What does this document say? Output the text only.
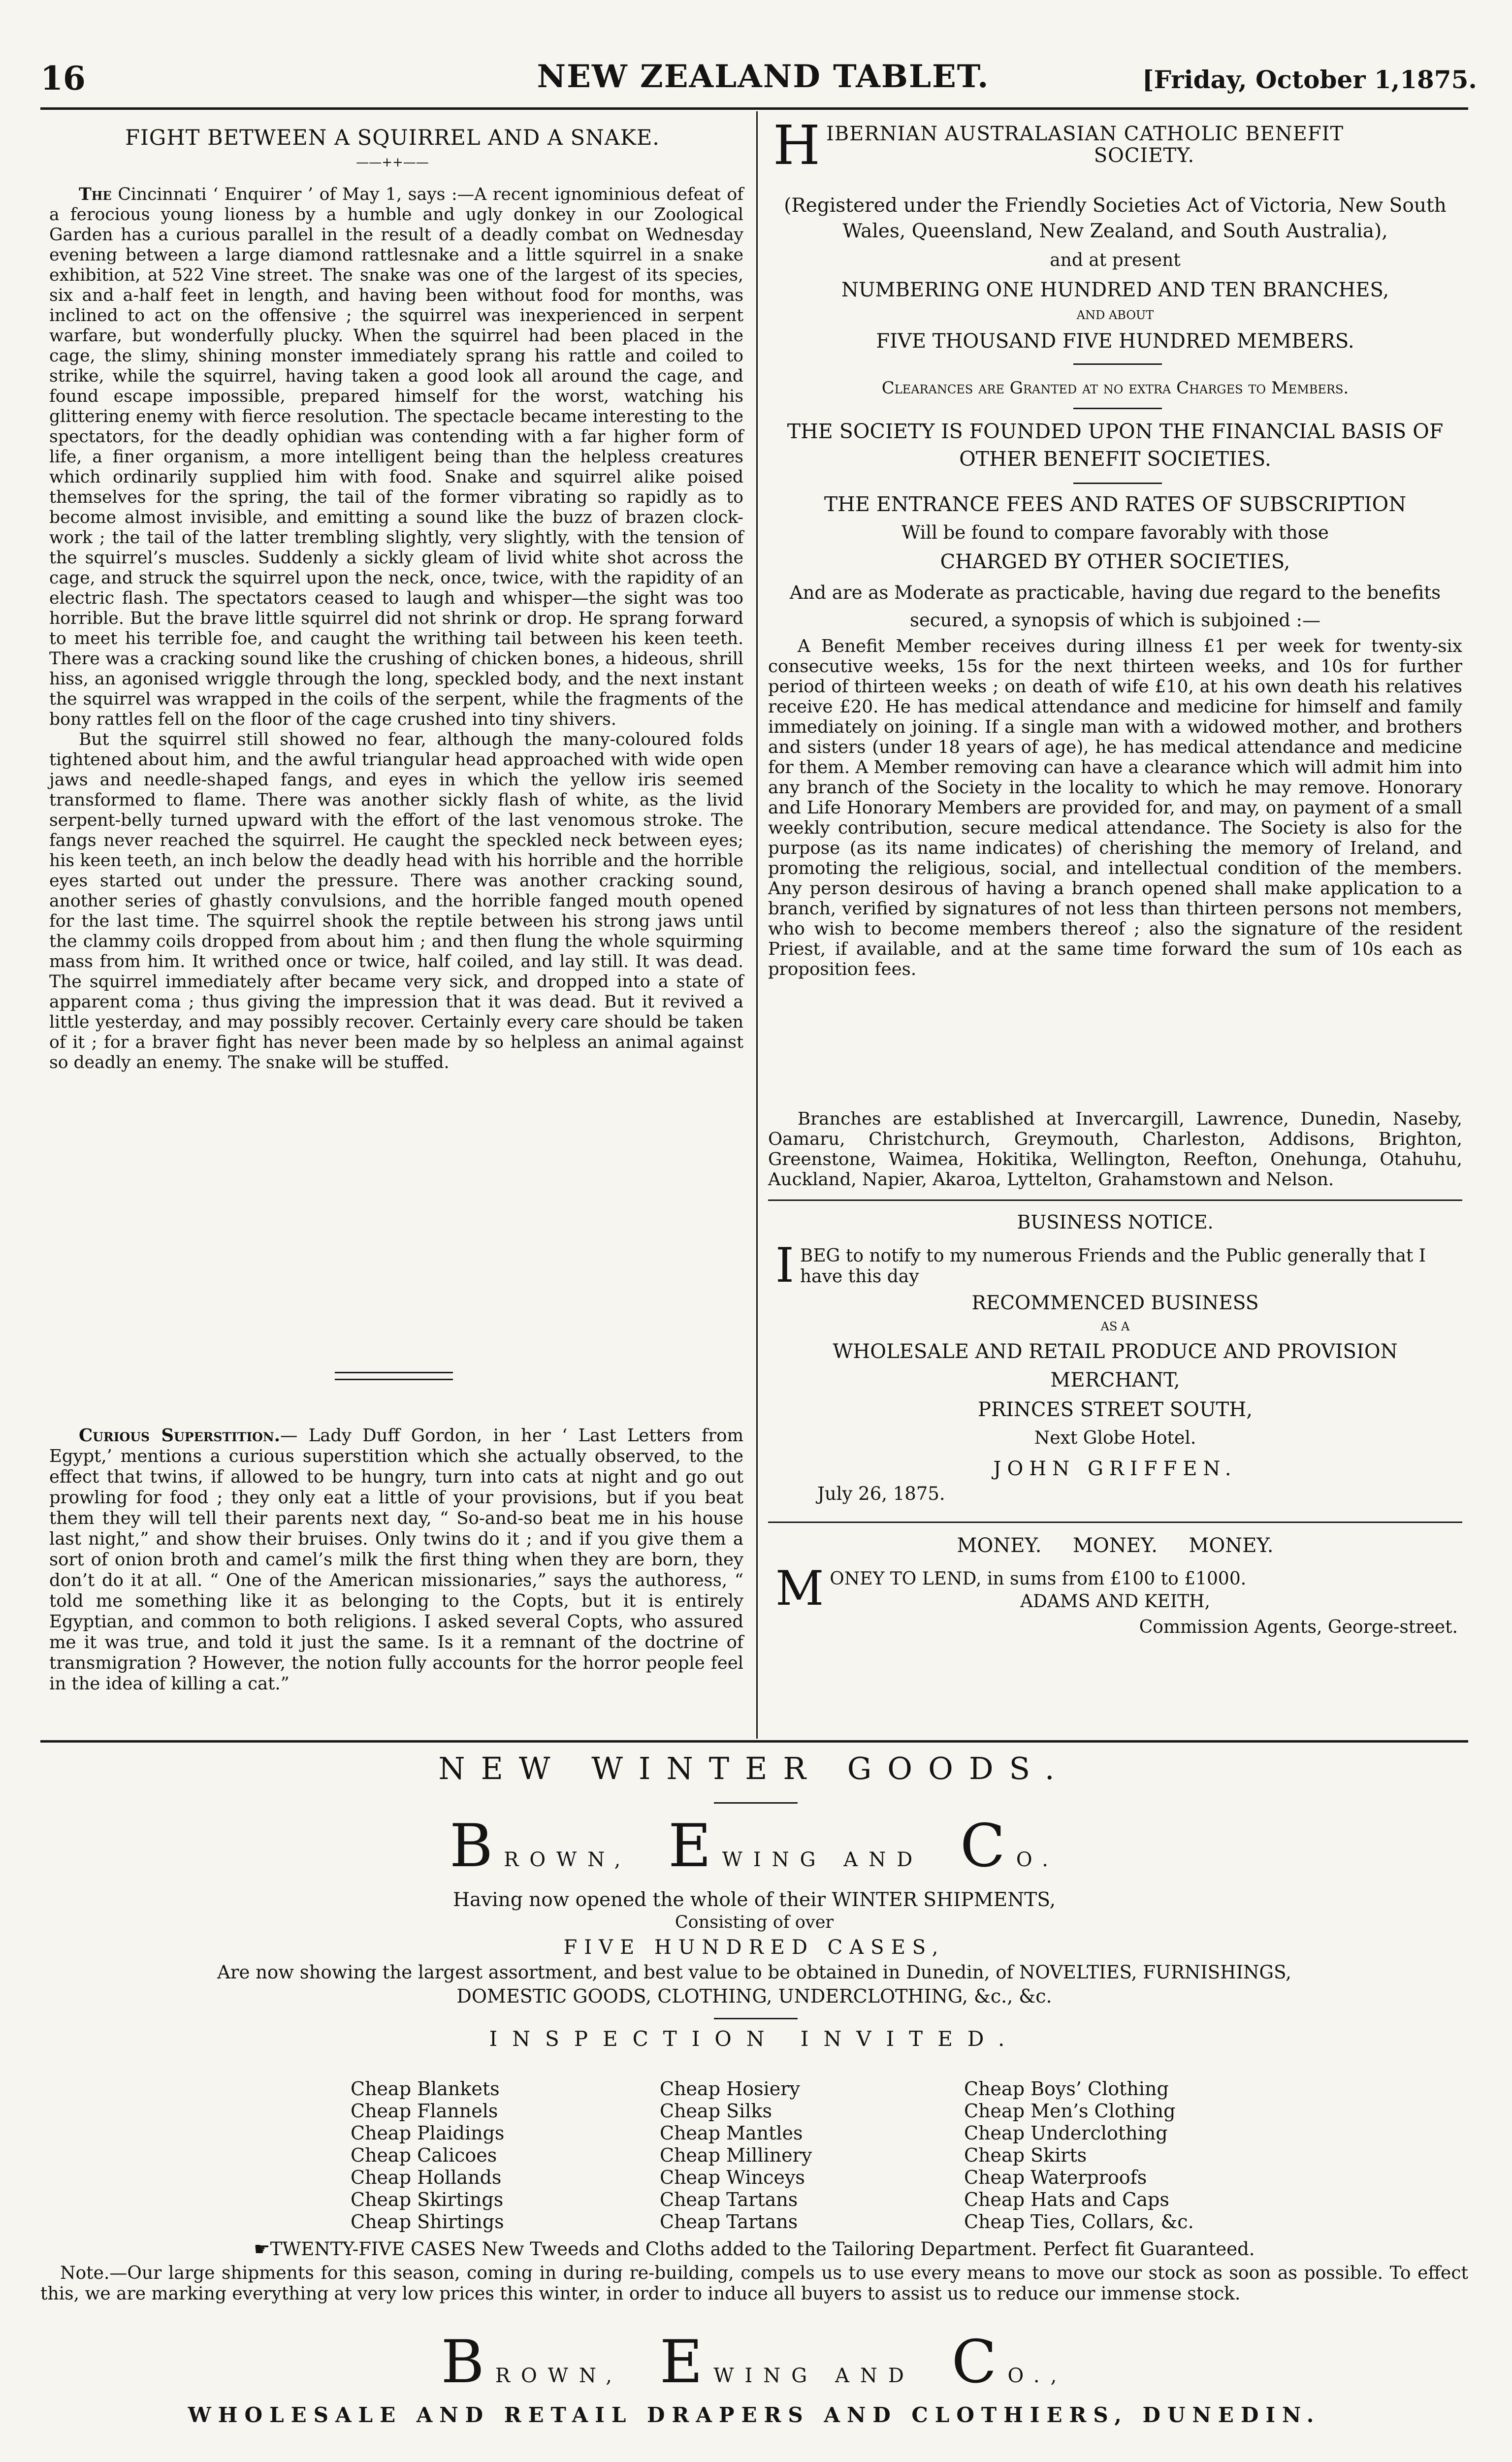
16	NEW ZEALAND TABLET.	[Friday, October 1,1875.
FIGHT BETWEEN A SQUIRREL AND A SNAKE.
——++——

The Cincinnati ‘ Enquirer ’ of May 1, says :—A recent ignominious defeat of a ferocious young lioness by a humble and ugly donkey in our Zoological Garden has a curious parallel in the result of a deadly combat on Wednesday evening between a large diamond rattlesnake and a little squirrel in a snake exhibition, at 522 Vine street. The snake was one of the largest of its species, six and a-half feet in length, and having been without food for months, was inclined to act on the offensive ; the squirrel was inexperienced in serpent warfare, but wonderfully plucky. When the squirrel had been placed in the cage, the slimy, shining monster immediately sprang his rattle and coiled to strike, while the squirrel, having taken a good look all around the cage, and found escape impossible, prepared himself for the worst, watching his glittering enemy with fierce resolution. The spectacle became interesting to the spectators, for the deadly ophidian was contending with a far higher form of life, a finer organism, a more intelligent being than the helpless creatures which ordinarily supplied him with food. Snake and squirrel alike poised themselves for the spring, the tail of the former vibrating so rapidly as to become almost invisible, and emitting a sound like the buzz of brazen clock-work ; the tail of the latter trembling slightly, very slightly, with the tension of the squirrel’s muscles. Suddenly a sickly gleam of livid white shot across the cage, and struck the squirrel upon the neck, once, twice, with the rapidity of an electric flash. The spectators ceased to laugh and whisper—the sight was too horrible. But the brave little squirrel did not shrink or drop. He sprang forward to meet his terrible foe, and caught the writhing tail between his keen teeth. There was a cracking sound like the crushing of chicken bones, a hideous, shrill hiss, an agonised wriggle through the long, speckled body, and the next instant the squirrel was wrapped in the coils of the serpent, while the fragments of the bony rattles fell on the floor of the cage crushed into tiny shivers.

But the squirrel still showed no fear, although the many-coloured folds tightened about him, and the awful triangular head approached with wide open jaws and needle-shaped fangs, and eyes in which the yellow iris seemed transformed to flame. There was another sickly flash of white, as the livid serpent-belly turned upward with the effort of the last venomous stroke. The fangs never reached the squirrel. He caught the speckled neck between eyes; his keen teeth, an inch below the deadly head with his horrible and the horrible eyes started out under the pressure. There was another cracking sound, another series of ghastly convulsions, and the horrible fanged mouth opened for the last time. The squirrel shook the reptile between his strong jaws until the clammy coils dropped from about him ; and then flung the whole squirming mass from him. It writhed once or twice, half coiled, and lay still. It was dead. The squirrel immediately after became very sick, and dropped into a state of apparent coma ; thus giving the impression that it was dead. But it revived a little yesterday, and may possibly recover. Certainly every care should be taken of it ; for a braver fight has never been made by so helpless an animal against so deadly an enemy. The snake will be stuffed.

Curious Superstition.— Lady Duff Gordon, in her ‘ Last Letters from Egypt,’ mentions a curious superstition which she actually observed, to the effect that twins, if allowed to be hungry, turn into cats at night and go out prowling for food ; they only eat a little of your provisions, but if you beat them they will tell their parents next day, “ So-and-so beat me in his house last night,” and show their bruises. Only twins do it ; and if you give them a sort of onion broth and camel’s milk the first thing when they are born, they don’t do it at all. “ One of the American missionaries,” says the authoress, “ told me something like it as belonging to the Copts, but it is entirely Egyptian, and common to both religions. I asked several Copts, who assured me it was true, and told it just the same. Is it a remnant of the doctrine of transmigration ? However, the notion fully accounts for the horror people feel in the idea of killing a cat.”

H IBERNIAN AUSTRALASIAN CATHOLIC BENEFIT
SOCIETY.
(Registered under the Friendly Societies Act of Victoria, New South Wales, Queensland, New Zealand, and South Australia),
and at present
NUMBERING ONE HUNDRED AND TEN BRANCHES,
AND ABOUT
FIVE THOUSAND FIVE HUNDRED MEMBERS.
Clearances are Granted at no extra Charges to Members.
THE SOCIETY IS FOUNDED UPON THE FINANCIAL BASIS OF OTHER BENEFIT SOCIETIES.
THE ENTRANCE FEES AND RATES OF SUBSCRIPTION
Will be found to compare favorably with those
CHARGED BY OTHER SOCIETIES,
And are as Moderate as practicable, having due regard to the benefits secured, a synopsis of which is subjoined :—

A Benefit Member receives during illness £1 per week for twenty-six consecutive weeks, 15s for the next thirteen weeks, and 10s for further period of thirteen weeks ; on death of wife £10, at his own death his relatives receive £20. He has medical attendance and medicine for himself and family immediately on joining. If a single man with a widowed mother, and brothers and sisters (under 18 years of age), he has medical attendance and medicine for them. A Member removing can have a clearance which will admit him into any branch of the Society in the locality to which he may remove. Honorary and Life Honorary Members are provided for, and may, on payment of a small weekly contribution, secure medical attendance. The Society is also for the purpose (as its name indicates) of cherishing the memory of Ireland, and promoting the religious, social, and intellectual condition of the members. Any person desirous of having a branch opened shall make application to a branch, verified by signatures of not less than thirteen persons not members, who wish to become members thereof ; also the signature of the resident Priest, if available, and at the same time forward the sum of 10s each as proposition fees.

Branches are established at Invercargill, Lawrence, Dunedin, Naseby, Oamaru, Christchurch, Greymouth, Charleston, Addisons, Brighton, Greenstone, Waimea, Hokitika, Wellington, Reefton, Onehunga, Otahuhu, Auckland, Napier, Akaroa, Lyttelton, Grahamstown and Nelson.

BUSINESS NOTICE.
I BEG to notify to my numerous Friends and the Public generally that I have this day
RECOMMENCED BUSINESS
AS A
WHOLESALE AND RETAIL PRODUCE AND PROVISION
MERCHANT,
PRINCES STREET SOUTH,
Next Globe Hotel.
JOHN GRIFFEN.
July 26, 1875.
MONEY.     MONEY.     MONEY.
M ONEY TO LEND, in sums from £100 to £1000.
ADAMS AND KEITH,
Commission Agents, George-street.
NEW WINTER GOODS.
BROWN, EWING AND CO.
Having now opened the whole of their WINTER SHIPMENTS,
Consisting of over
FIVE HUNDRED CASES,
Are now showing the largest assortment, and best value to be obtained in Dunedin, of NOVELTIES, FURNISHINGS,
DOMESTIC GOODS, CLOTHING, UNDERCLOTHING, &c., &c.
INSPECTION INVITED.
Cheap Blankets
Cheap Flannels
Cheap Plaidings
Cheap Calicoes
Cheap Hollands
Cheap Skirtings
Cheap Shirtings
Cheap Hosiery
Cheap Silks
Cheap Mantles
Cheap Millinery
Cheap Winceys
Cheap Tartans
Cheap Tartans
Cheap Boys’ Clothing
Cheap Men’s Clothing
Cheap Underclothing
Cheap Skirts
Cheap Waterproofs
Cheap Hats and Caps
Cheap Ties, Collars, &c.
☛TWENTY-FIVE CASES New Tweeds and Cloths added to the Tailoring Department. Perfect fit Guaranteed.

Note.—Our large shipments for this season, coming in during re-building, compels us to use every means to move our stock as soon as possible. To effect this, we are marking everything at very low prices this winter, in order to induce all buyers to assist us to reduce our immense stock.

BROWN, EWING AND CO.,
WHOLESALE AND RETAIL DRAPERS AND CLOTHIERS, DUNEDIN.
